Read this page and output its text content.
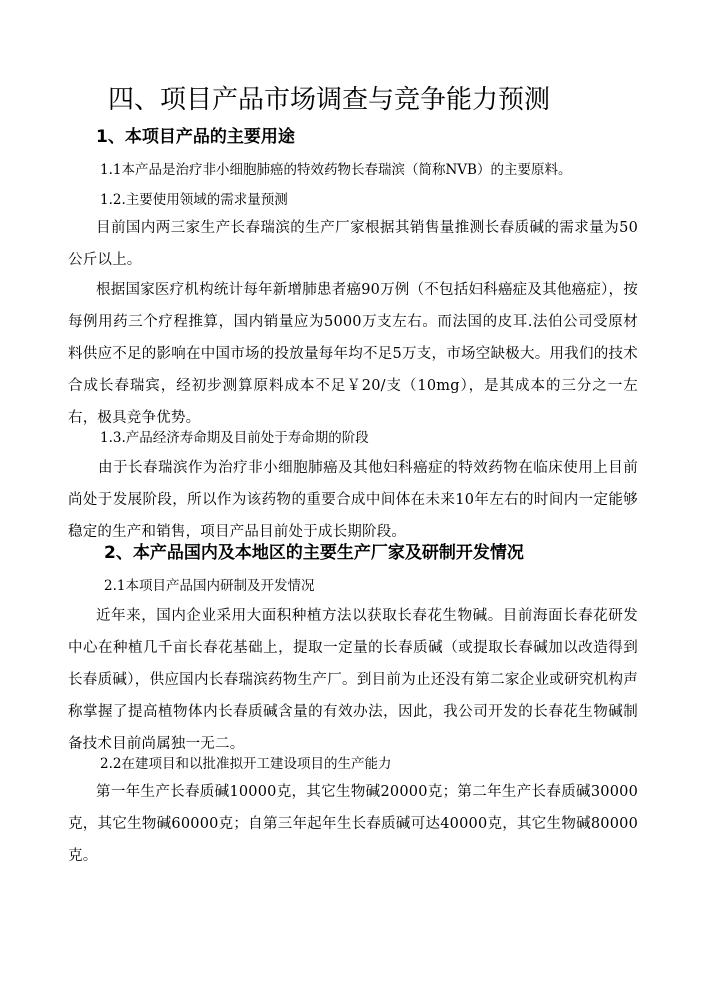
四、项目产品市场调查与竞争能力预测
1、本项目产品的主要用途
1.1本产品是治疗非小细胞肺癌的特效药物长春瑞滨（简称NVB）的主要原料。
1.2.主要使用领域的需求量预测

目前国内两三家生产长春瑞滨的生产厂家根据其销售量推测长春质碱的需求量为50公斤以上。

根据国家医疗机构统计每年新增肺患者癌90万例（不包括妇科癌症及其他癌症），按每例用药三个疗程推算，国内销量应为5000万支左右。而法国的皮耳.法伯公司受原材料供应不足的影响在中国市场的投放量每年均不足5万支，市场空缺极大。用我们的技术合成长春瑞宾，经初步测算原料成本不足￥20/支（10mg），是其成本的三分之一左右，极具竞争优势。

1.3.产品经济寿命期及目前处于寿命期的阶段

由于长春瑞滨作为治疗非小细胞肺癌及其他妇科癌症的特效药物在临床使用上目前尚处于发展阶段，所以作为该药物的重要合成中间体在未来10年左右的时间内一定能够稳定的生产和销售，项目产品目前处于成长期阶段。

2、本产品国内及本地区的主要生产厂家及研制开发情况
2.1本项目产品国内研制及开发情况

近年来，国内企业采用大面积种植方法以获取长春花生物碱。目前海面长春花研发中心在种植几千亩长春花基础上，提取一定量的长春质碱（或提取长春碱加以改造得到长春质碱），供应国内长春瑞滨药物生产厂。到目前为止还没有第二家企业或研究机构声称掌握了提高植物体内长春质碱含量的有效办法，因此，我公司开发的长春花生物碱制备技术目前尚属独一无二。

2.2在建项目和以批准拟开工建设项目的生产能力

第一年生产长春质碱10000克，其它生物碱20000克；第二年生产长春质碱30000克，其它生物碱60000克；自第三年起年生长春质碱可达40000克，其它生物碱80000克。
